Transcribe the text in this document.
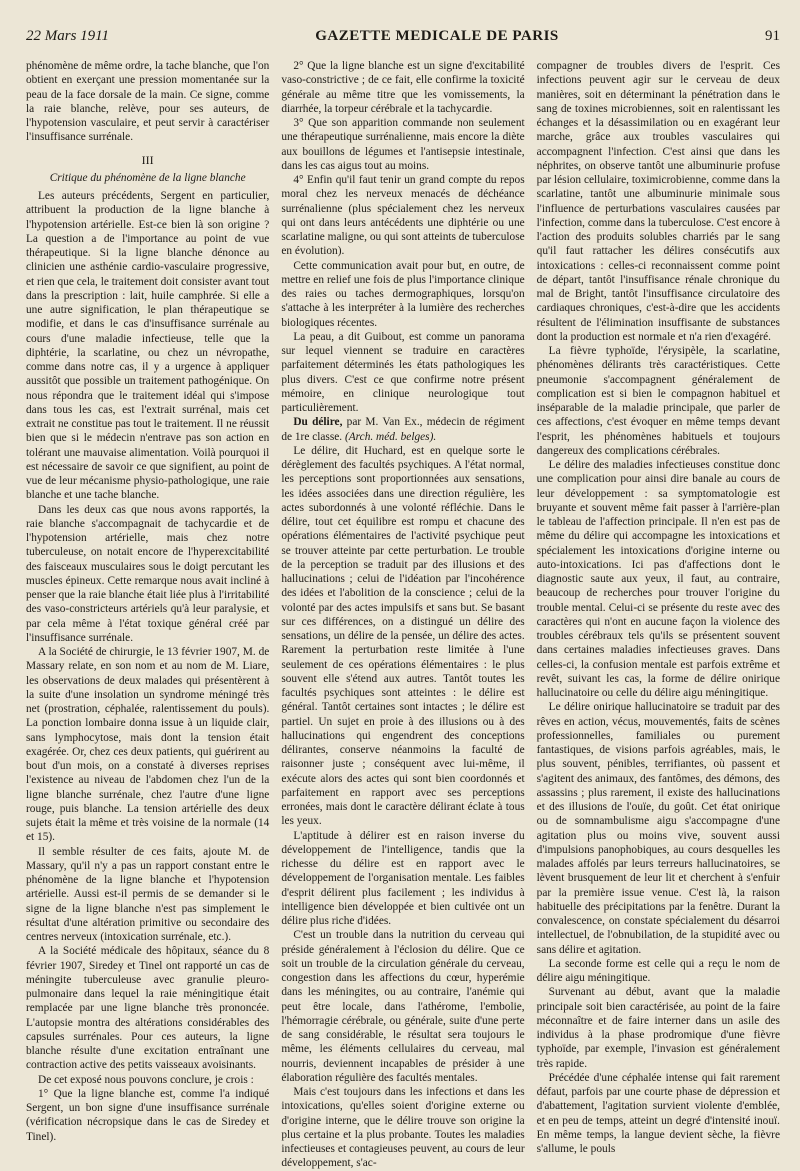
22 Mars 1911	GAZETTE MEDICALE DE PARIS	91

phénomène de même ordre, la tache blanche, que l'on obtient en exerçant une pression momentanée sur la peau de la face dorsale de la main. Ce signe, comme la raie blanche, relève, pour ses auteurs, de l'hypotension vasculaire, et peut servir à caractériser l'insuffisance surrénale.

III
Critique du phénomène de la ligne blanche

Les auteurs précédents, Sergent en particulier, attribuent la production de la ligne blanche à l'hypotension artérielle. Est-ce bien là son origine ? La question a de l'importance au point de vue thérapeutique. Si la ligne blanche dénonce au clinicien une asthénie cardio-vasculaire progressive, et rien que cela, le traitement doit consister avant tout dans la prescription : lait, huile camphrée. Si elle a une autre signification, le plan thérapeutique se modifie, et dans le cas d'insuffisance surrénale au cours d'une maladie infectieuse, telle que la diphtérie, la scarlatine, ou chez un névropathe, comme dans notre cas, il y a urgence à appliquer aussitôt que possible un traitement pathogénique. On nous répondra que le traitement idéal qui s'impose dans tous les cas, est l'extrait surrénal, mais cet extrait ne constitue pas tout le traitement. Il ne réussit bien que si le médecin n'entrave pas son action en tolérant une mauvaise alimentation. Voilà pourquoi il est nécessaire de savoir ce que signifient, au point de vue de leur mécanisme physio-pathologique, une raie blanche et une tache blanche.

Dans les deux cas que nous avons rapportés, la raie blanche s'accompagnait de tachycardie et de l'hypotension artérielle, mais chez notre tuberculeuse, on notait encore de l'hyperexcitabilité des faisceaux musculaires sous le doigt percutant les muscles épineux. Cette remarque nous avait incliné à penser que la raie blanche était liée plus à l'irritabilité des vaso-constricteurs artériels qu'à leur paralysie, et par cela même à l'état toxique général créé par l'insuffisance surrénale.

A la Société de chirurgie, le 13 février 1907, M. de Massary relate, en son nom et au nom de M. Liare, les observations de deux malades qui présentèrent à la suite d'une insolation un syndrome méningé très net (prostration, céphalée, ralentissement du pouls). La ponction lombaire donna issue à un liquide clair, sans lymphocytose, mais dont la tension était exagérée. Or, chez ces deux patients, qui guérirent au bout d'un mois, on a constaté à diverses reprises l'existence au niveau de l'abdomen chez l'un de la ligne blanche surrénale, chez l'autre d'une ligne rouge, puis blanche. La tension artérielle des deux sujets était la même et très voisine de la normale (14 et 15).

Il semble résulter de ces faits, ajoute M. de Massary, qu'il n'y a pas un rapport constant entre le phénomène de la ligne blanche et l'hypotension artérielle. Aussi est-il permis de se demander si le signe de la ligne blanche n'est pas simplement le résultat d'une altération primitive ou secondaire des centres nerveux (intoxication surrénale, etc.).

A la Société médicale des hôpitaux, séance du 8 février 1907, Siredey et Tinel ont rapporté un cas de méningite tuberculeuse avec granulie pleuro-pulmonaire dans lequel la raie méningitique était remplacée par une ligne blanche très prononcée. L'autopsie montra des altérations considérables des capsules surrénales. Pour ces auteurs, la ligne blanche résulte d'une excitation entraînant une contraction active des petits vaisseaux avoisinants.

De cet exposé nous pouvons conclure, je crois :

1° Que la ligne blanche est, comme l'a indiqué Sergent, un bon signe d'une insuffisance surrénale (vérification nécropsique dans le cas de Siredey et Tinel).

2° Que la ligne blanche est un signe d'excitabilité vaso-constrictive ; de ce fait, elle confirme la toxicité générale au même titre que les vomissements, la diarrhée, la torpeur cérébrale et la tachycardie.

3° Que son apparition commande non seulement une thérapeutique surrénalienne, mais encore la diète aux bouillons de légumes et l'antisepsie intestinale, dans les cas aigus tout au moins.

4° Enfin qu'il faut tenir un grand compte du repos moral chez les nerveux menacés de déchéance surrénalienne (plus spécialement chez les nerveux qui ont dans leurs antécédents une diphtérie ou une scarlatine maligne, ou qui sont atteints de tuberculose en évolution).

Cette communication avait pour but, en outre, de mettre en relief une fois de plus l'importance clinique des raies ou taches dermographiques, lorsqu'on s'attache à les interpréter à la lumière des recherches biologiques récentes.

La peau, a dit Guibout, est comme un panorama sur lequel viennent se traduire en caractères parfaitement déterminés les états pathologiques les plus divers. C'est ce que confirme notre présent mémoire, en clinique neurologique tout particulièrement.

Du délire, par M. Van Ex., médecin de régiment de 1re classe. (Arch. méd. belges).

Le délire, dit Huchard, est en quelque sorte le dérèglement des facultés psychiques. A l'état normal, les perceptions sont proportionnées aux sensations, les idées associées dans une direction régulière, les actes subordonnés à une volonté réfléchie. Dans le délire, tout cet équilibre est rompu et chacune des opérations élémentaires de l'activité psychique peut se trouver atteinte par cette perturbation. Le trouble de la perception se traduit par des illusions et des hallucinations ; celui de l'idéation par l'incohérence des idées et l'abolition de la conscience ; celui de la volonté par des actes impulsifs et sans but. Se basant sur ces différences, on a distingué un délire des sensations, un délire de la pensée, un délire des actes. Rarement la perturbation reste limitée à l'une seulement de ces opérations élémentaires : le plus souvent elle s'étend aux autres. Tantôt toutes les facultés psychiques sont atteintes : le délire est général. Tantôt certaines sont intactes ; le délire est partiel. Un sujet en proie à des illusions ou à des hallucinations qui engendrent des conceptions délirantes, conserve néanmoins la faculté de raisonner juste ; conséquent avec lui-même, il exécute alors des actes qui sont bien coordonnés et parfaitement en rapport avec ses perceptions erronées, mais dont le caractère délirant éclate à tous les yeux.

L'aptitude à délirer est en raison inverse du développement de l'intelligence, tandis que la richesse du délire est en rapport avec le développement de l'organisation mentale. Les faibles d'esprit délirent plus facilement ; les individus à intelligence bien développée et bien cultivée ont un délire plus riche d'idées.

C'est un trouble dans la nutrition du cerveau qui préside généralement à l'éclosion du délire. Que ce soit un trouble de la circulation générale du cerveau, congestion dans les affections du cœur, hyperémie dans les méningites, ou au contraire, l'anémie qui peut être locale, dans l'athérome, l'embolie, l'hémorragie cérébrale, ou générale, suite d'une perte de sang considérable, le résultat sera toujours le même, les éléments cellulaires du cerveau, mal nourris, deviennent incapables de présider à une élaboration régulière des facultés mentales.

Mais c'est toujours dans les infections et dans les intoxications, qu'elles soient d'origine externe ou d'origine interne, que le délire trouve son origine la plus certaine et la plus probante. Toutes les maladies infectieuses et contagieuses peuvent, au cours de leur développement, s'ac-

compagner de troubles divers de l'esprit. Ces infections peuvent agir sur le cerveau de deux manières, soit en déterminant la pénétration dans le sang de toxines microbiennes, soit en ralentissant les échanges et la désassimilation ou en exagérant leur marche, grâce aux troubles vasculaires qui accompagnent l'infection. C'est ainsi que dans les néphrites, on observe tantôt une albuminurie profuse par lésion cellulaire, toximicrobienne, comme dans la scarlatine, tantôt une albuminurie minimale sous l'influence de perturbations vasculaires causées par l'infection, comme dans la tuberculose. C'est encore à l'action des produits solubles charriés par le sang qu'il faut rattacher les délires consécutifs aux intoxications : celles-ci reconnaissent comme point de départ, tantôt l'insuffisance rénale chronique du mal de Bright, tantôt l'insuffisance circulatoire des cardiaques chroniques, c'est-à-dire que les accidents résultent de l'élimination insuffisante de substances dont la production est normale et n'a rien d'exagéré.

La fièvre typhoïde, l'érysipèle, la scarlatine, phénomènes délirants très caractéristiques. Cette pneumonie s'accompagnent généralement de complication est si bien le compagnon habituel et inséparable de la maladie principale, que parler de ces affections, c'est évoquer en même temps devant l'esprit, les phénomènes habituels et toujours dangereux des complications cérébrales.

Le délire des maladies infectieuses constitue donc une complication pour ainsi dire banale au cours de leur développement : sa symptomatologie est bruyante et souvent même fait passer à l'arrière-plan le tableau de l'affection principale. Il n'en est pas de même du délire qui accompagne les intoxications et spécialement les intoxications d'origine interne ou auto-intoxications. Ici pas d'affections dont le diagnostic saute aux yeux, il faut, au contraire, beaucoup de recherches pour trouver l'origine du trouble mental. Celui-ci se présente du reste avec des caractères qui n'ont en aucune façon la violence des troubles cérébraux tels qu'ils se présentent souvent dans certaines maladies infectieuses graves. Dans celles-ci, la confusion mentale est parfois extrême et revêt, suivant les cas, la forme de délire onirique hallucinatoire ou celle du délire aigu méningitique.

Le délire onirique hallucinatoire se traduit par des rêves en action, vécus, mouvementés, faits de scènes professionnelles, familiales ou purement fantastiques, de visions parfois agréables, mais, le plus souvent, pénibles, terrifiantes, où passent et s'agitent des animaux, des fantômes, des démons, des assassins ; plus rarement, il existe des hallucinations et des illusions de l'ouïe, du goût. Cet état onirique ou de somnambulisme aigu s'accompagne d'une agitation plus ou moins vive, souvent aussi d'impulsions panophobiques, au cours desquelles les malades affolés par leurs terreurs hallucinatoires, se lèvent brusquement de leur lit et cherchent à s'enfuir par la première issue venue. C'est là, la raison habituelle des précipitations par la fenêtre. Durant la convalescence, on constate spécialement du désarroi intellectuel, de l'obnubilation, de la stupidité avec ou sans délire et agitation.

La seconde forme est celle qui a reçu le nom de délire aigu méningitique.

Survenant au début, avant que la maladie principale soit bien caractérisée, au point de la faire méconnaître et de faire interner dans un asile des individus à la phase prodromique d'une fièvre typhoïde, par exemple, l'invasion est généralement très rapide.

Précédée d'une céphalée intense qui fait rarement défaut, parfois par une courte phase de dépression et d'abattement, l'agitation survient violente d'emblée, et en peu de temps, atteint un degré d'intensité inouï. En même temps, la langue devient sèche, la fièvre s'allume, le pouls
